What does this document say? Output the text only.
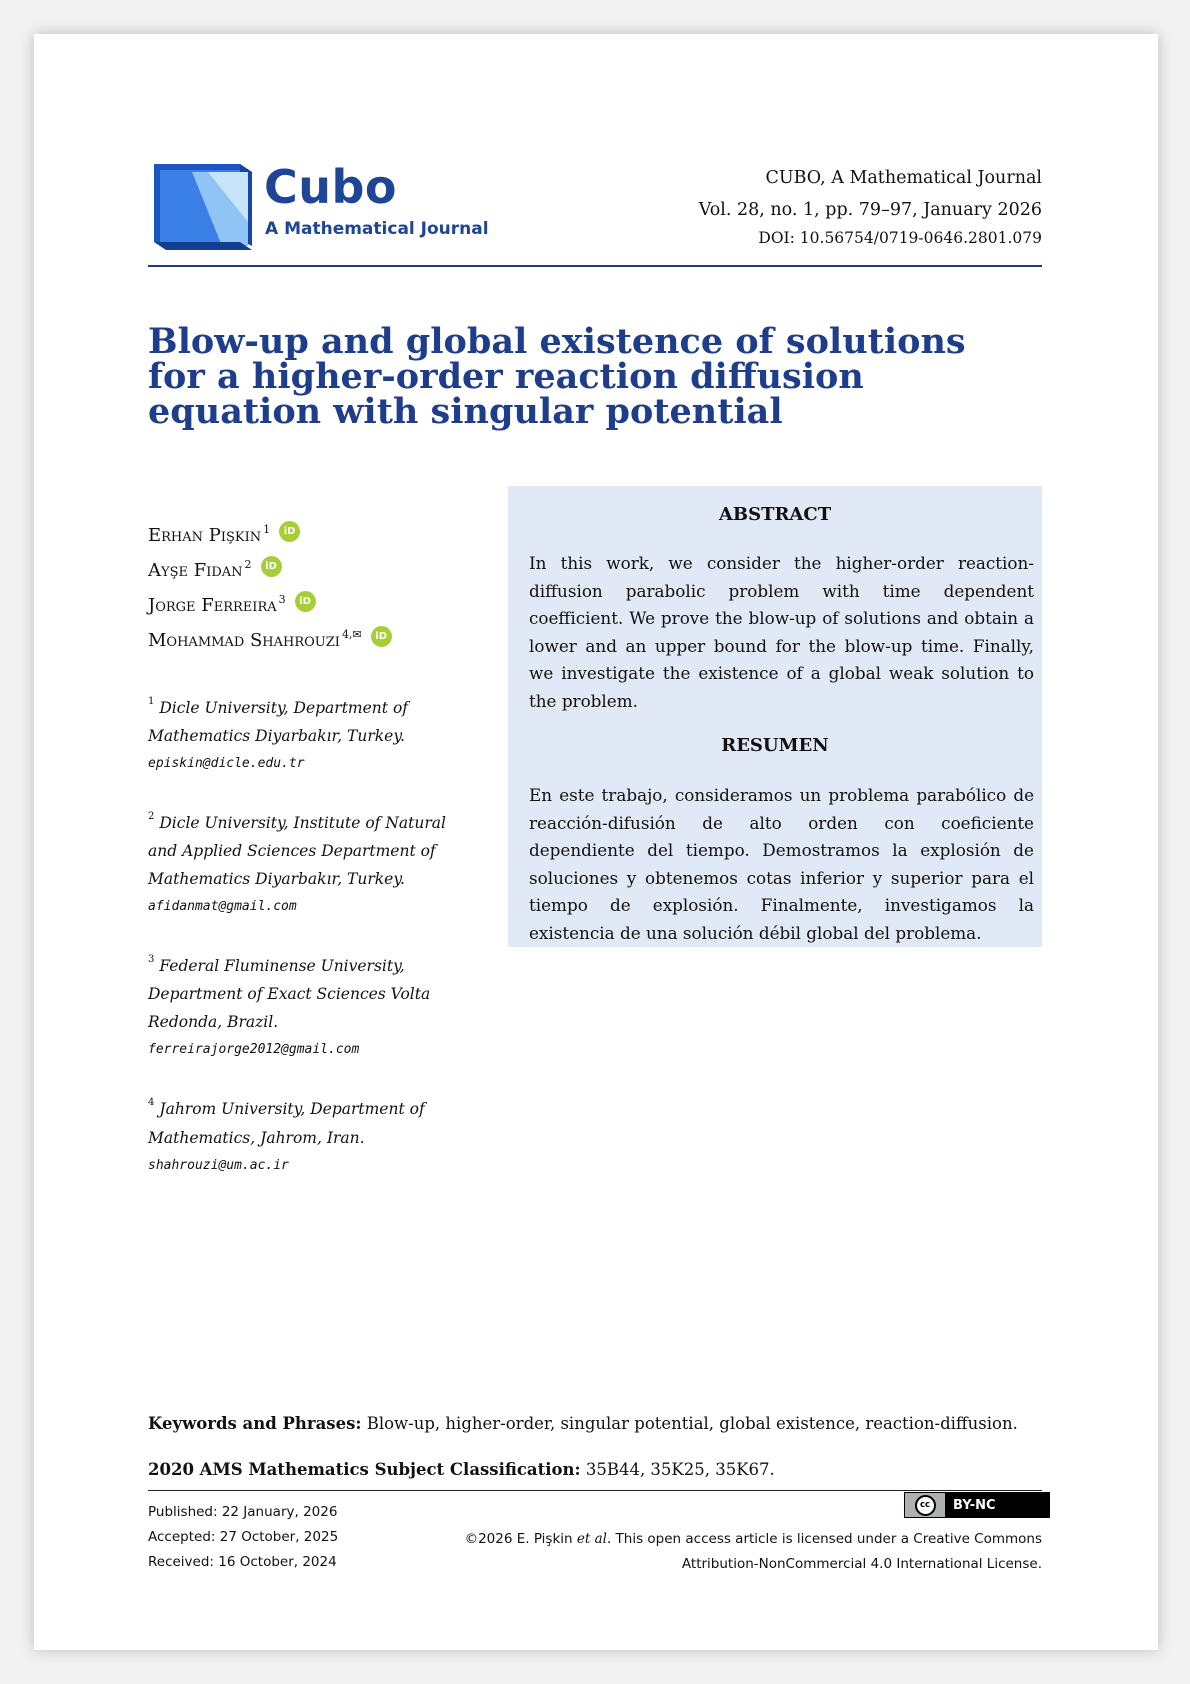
Cubo
A Mathematical Journal
CUBO, A Mathematical Journal
Vol. 28, no. 1, pp. 79–97, January 2026
DOI: 10.56754/0719-0646.2801.079
Blow-up and global existence of solutions for a higher-order reaction diffusion equation with singular potential
Erhan Pişkin$^1$	iD
Ayşe Fidan$^2$	iD
Jorge Ferreira$^3$	iD
Mohammad Shahrouzi$^{4,✉}$	iD
$^1$ Dicle University, Department of Mathematics Diyarbakır, Turkey.
episkin@dicle.edu.tr
$^2$ Dicle University, Institute of Natural and Applied Sciences Department of Mathematics Diyarbakır, Turkey.
afidanmat@gmail.com
$^3$ Federal Fluminense University, Department of Exact Sciences Volta Redonda, Brazil.
ferreirajorge2012@gmail.com
$^4$ Jahrom University, Department of Mathematics, Jahrom, Iran.
shahrouzi@um.ac.ir
ABSTRACT

In this work, we consider the higher-order reaction-diffusion parabolic problem with time dependent coefficient. We prove the blow-up of solutions and obtain a lower and an upper bound for the blow-up time. Finally, we investigate the existence of a global weak solution to the problem.

RESUMEN

En este trabajo, consideramos un problema parabólico de reacción-difusión de alto orden con coeficiente dependiente del tiempo. Demostramos la explosión de soluciones y obtenemos cotas inferior y superior para el tiempo de explosión. Finalmente, investigamos la existencia de una solución débil global del problema.

Keywords and Phrases: Blow-up, higher-order, singular potential, global existence, reaction-diffusion.
2020 AMS Mathematics Subject Classification: 35B44, 35K25, 35K67.
Published: 22 January, 2026
Accepted: 27 October, 2025
Received: 16 October, 2024
cc	BY-NC
©2026 E. Pişkin et al. This open access article is licensed under a Creative Commons
Attribution-NonCommercial 4.0 International License.
